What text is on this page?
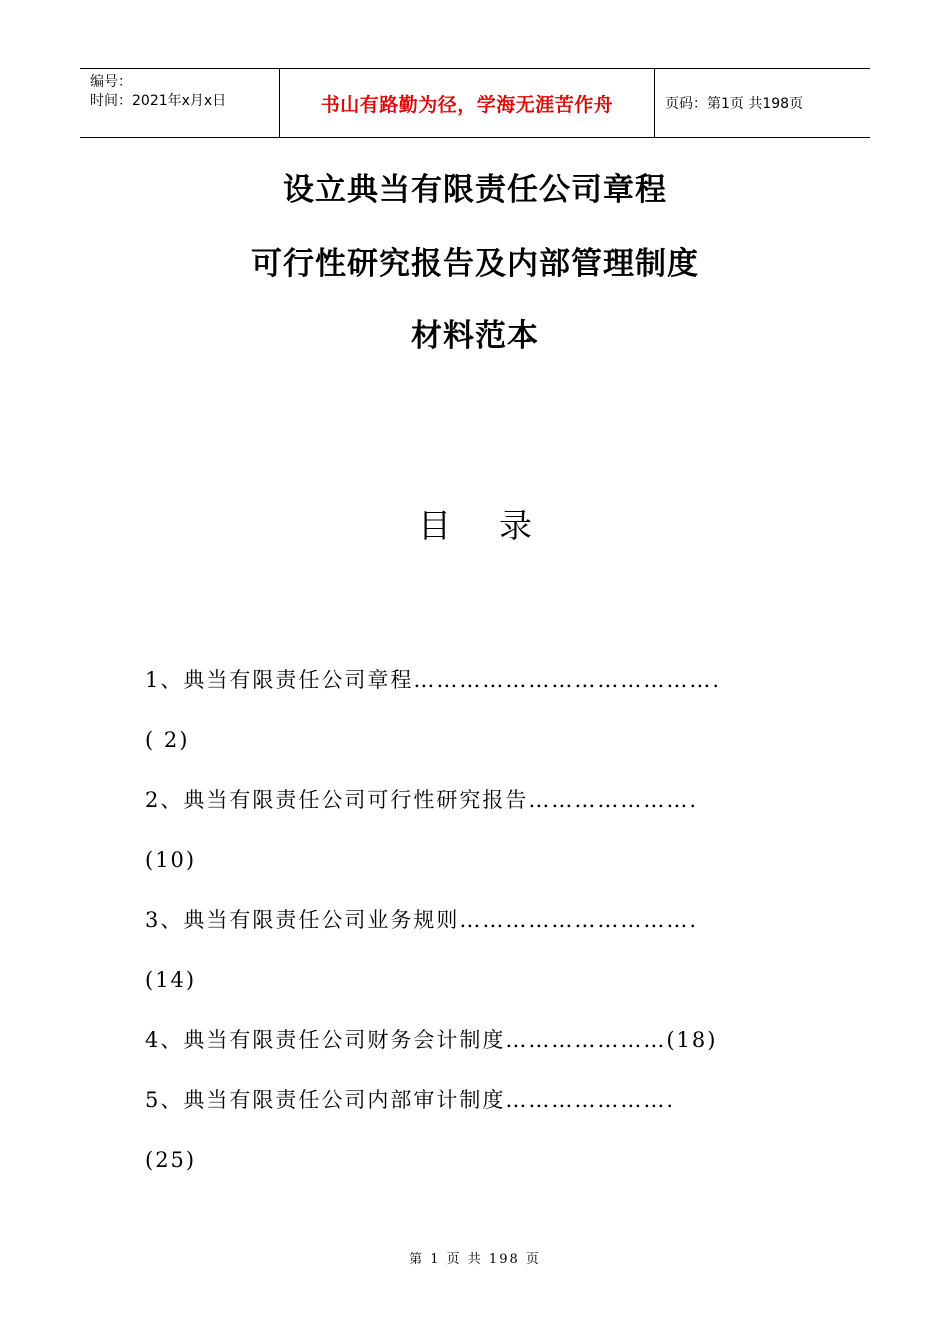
编号：
时间：2021年x月x日	书山有路勤为径，学海无涯苦作舟	页码：第1页 共198页
设立典当有限责任公司章程
可行性研究报告及内部管理制度
材料范本
目录
1、典当有限责任公司章程………………………………….
( 2)
2、典当有限责任公司可行性研究报告………………….
(10)
3、典当有限责任公司业务规则………………………….
(14)
4、典当有限责任公司财务会计制度…………………(18)
5、典当有限责任公司内部审计制度………………….
(25)
第 1 页 共 198 页
